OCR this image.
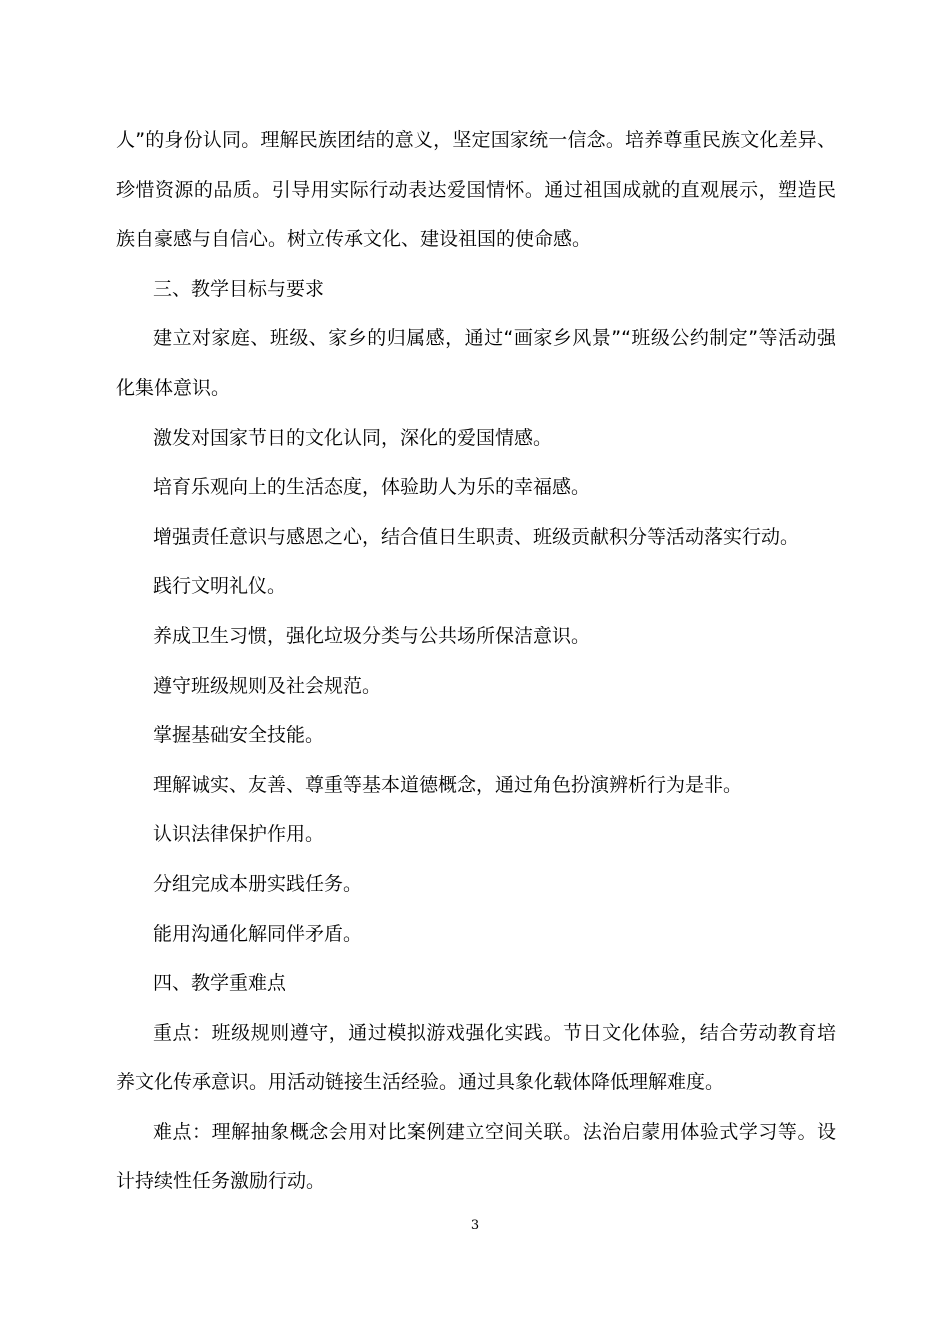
人”的身份认同。理解民族团结的意义，坚定国家统一信念。培养尊重民族文化差异、珍惜资源的品质。引导用实际行动表达爱国情怀。通过祖国成就的直观展示，塑造民族自豪感与自信心。树立传承文化、建设祖国的使命感。

三、教学目标与要求

建立对家庭、班级、家乡的归属感，通过“画家乡风景”“班级公约制定”等活动强化集体意识。

激发对国家节日的文化认同，深化的爱国情感。

培育乐观向上的生活态度，体验助人为乐的幸福感。

增强责任意识与感恩之心，结合值日生职责、班级贡献积分等活动落实行动。

践行文明礼仪。

养成卫生习惯，强化垃圾分类与公共场所保洁意识。

遵守班级规则及社会规范。

掌握基础安全技能。

理解诚实、友善、尊重等基本道德概念，通过角色扮演辨析行为是非。

认识法律保护作用。

分组完成本册实践任务。

能用沟通化解同伴矛盾。

四、教学重难点

重点：班级规则遵守，通过模拟游戏强化实践。节日文化体验，结合劳动教育培养文化传承意识。用活动链接生活经验。通过具象化载体降低理解难度。

难点：理解抽象概念会用对比案例建立空间关联。法治启蒙用体验式学习等。设计持续性任务激励行动。

3
